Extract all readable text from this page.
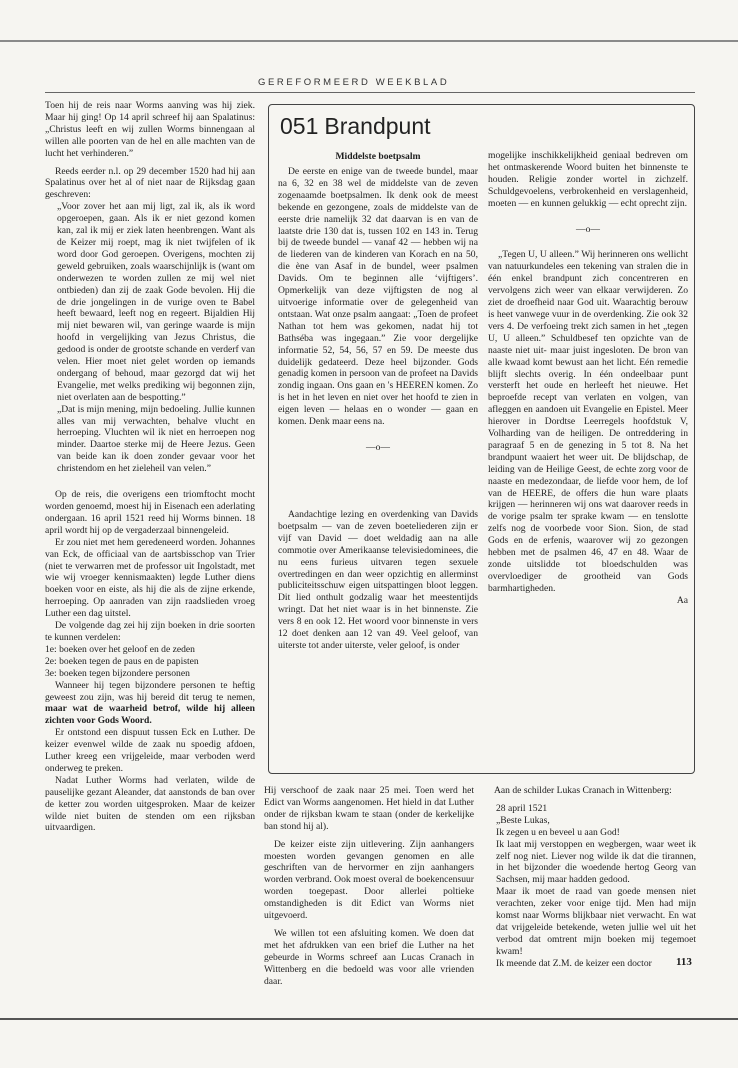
GEREFORMEERD WEEKBLAD

Toen hij de reis naar Worms aanving was hij ziek. Maar hij ging! Op 14 april schreef hij aan Spalatinus: „Christus leeft en wij zullen Worms binnengaan al willen alle poorten van de hel en alle machten van de lucht het verhinderen.”

Reeds eerder n.l. op 29 december 1520 had hij aan Spalatinus over het al of niet naar de Rijksdag gaan geschreven:

„Voor zover het aan mij ligt, zal ik, als ik word opgeroepen, gaan. Als ik er niet gezond komen kan, zal ik mij er ziek laten heenbrengen. Want als de Keizer mij roept, mag ik niet twijfelen of ik word door God geroepen. Overigens, mochten zij geweld gebruiken, zoals waarschijnlijk is (want om onderwezen te worden zullen ze mij wel niet ontbieden) dan zij de zaak Gode bevolen. Hij die de drie jongelingen in de vurige oven te Babel heeft bewaard, leeft nog en regeert. Bijaldien Hij mij niet bewaren wil, van geringe waarde is mijn hoofd in vergelijking van Jezus Christus, die gedood is onder de grootste schande en verderf van velen. Hier moet niet gelet worden op iemands ondergang of behoud, maar gezorgd dat wij het Evangelie, met welks prediking wij begonnen zijn, niet overlaten aan de bespotting.”

„Dat is mijn mening, mijn bedoeling. Jullie kunnen alles van mij verwachten, behalve vlucht en herroeping. Vluchten wil ik niet en herroepen nog minder. Daartoe sterke mij de Heere Jezus. Geen van beide kan ik doen zonder gevaar voor het christendom en het zieleheil van velen.”

Op de reis, die overigens een triomftocht mocht worden genoemd, moest hij in Eisenach een aderlating ondergaan. 16 april 1521 reed hij Worms binnen. 18 april wordt hij op de vergaderzaal binnengeleid.

Er zou niet met hem geredeneerd worden. Johannes van Eck, de officiaal van de aartsbisschop van Trier (niet te verwarren met de professor uit Ingolstadt, met wie wij vroeger kennismaakten) legde Luther diens boeken voor en eiste, als hij die als de zijne erkende, herroeping. Op aanraden van zijn raadslieden vroeg Luther een dag uitstel.

De volgende dag zei hij zijn boeken in drie soorten te kunnen verdelen:

1e: boeken over het geloof en de zeden
2e: boeken tegen de paus en de papisten
3e: boeken tegen bijzondere personen

Wanneer hij tegen bijzondere personen te heftig geweest zou zijn, was hij bereid dit terug te nemen, maar wat de waarheid betrof, wilde hij alleen zichten voor Gods Woord.

Er ontstond een dispuut tussen Eck en Luther. De keizer evenwel wilde de zaak nu spoedig afdoen, Luther kreeg een vrijgeleide, maar verboden werd onderweg te preken.

Nadat Luther Worms had verlaten, wilde de pauselijke gezant Aleander, dat aanstonds de ban over de ketter zou worden uitgesproken. Maar de keizer wilde niet buiten de stenden om een rijksban uitvaardigen.

051 Brandpunt
Middelste boetpsalm

De eerste en enige van de tweede bundel, maar na 6, 32 en 38 wel de middelste van de zeven zogenaamde boetpsalmen. Ik denk ook de meest bekende en gezongene, zoals de middelste van de eerste drie namelijk 32 dat daarvan is en van de laatste drie 130 dat is, tussen 102 en 143 in. Terug bij de tweede bundel — vanaf 42 — hebben wij na de liederen van de kinderen van Korach en na 50, die ène van Asaf in de bundel, weer psalmen Davids. Om te beginnen alle ‘vijftigers’. Opmerkelijk van deze vijftigsten de nog al uitvoerige informatie over de gelegenheid van ontstaan. Wat onze psalm aangaat: „Toen de profeet Nathan tot hem was gekomen, nadat hij tot Bathséba was ingegaan.” Zie voor dergelijke informatie 52, 54, 56, 57 en 59. De meeste dus duidelijk gedateerd. Deze heel bijzonder. Gods genadig komen in persoon van de profeet na Davids zondig ingaan. Ons gaan en 's HEEREN komen. Zo is het in het leven en niet over het hoofd te zien in eigen leven — helaas en o wonder — gaan en komen. Denk maar eens na.

—o—

Aandachtige lezing en overdenking van Davids boetpsalm — van de zeven boeteliederen zijn er vijf van David — doet weldadig aan na alle commotie over Amerikaanse televisiedominees, die nu eens furieus uitvaren tegen sexuele overtredingen en dan weer opzichtig en allerminst publiciteitsschuw eigen uitspattingen bloot leggen. Dit lied onthult godzalig waar het meestentijds wringt. Dat het niet waar is in het binnenste. Zie vers 8 en ook 12. Het woord voor binnenste in vers 12 doet denken aan 12 van 49. Veel geloof, van uiterste tot ander uiterste, veler geloof, is onder

mogelijke inschikkelijkheid geniaal bedreven om het ontmaskerende Woord buiten het binnenste te houden. Religie zonder wortel in zichzelf. Schuldgevoelens, verbrokenheid en verslagenheid, moeten — en kunnen gelukkig — echt oprecht zijn.

—o—

„Tegen U, U alleen.” Wij herinneren ons wellicht van natuurkundeles een tekening van stralen die in één enkel brandpunt zich concentreren en vervolgens zich weer van elkaar verwijderen. Zo ziet de droefheid naar God uit. Waarachtig berouw is heet vanwege vuur in de overdenking. Zie ook 32 vers 4. De verfoeing trekt zich samen in het „tegen U, U alleen.” Schuldbesef ten opzichte van de naaste niet uit- maar juist ingesloten. De bron van alle kwaad komt bewust aan het licht. Eén remedie blijft slechts overig. In één ondeelbaar punt versterft het oude en herleeft het nieuwe. Het beproefde recept van verlaten en volgen, van afleggen en aandoen uit Evangelie en Epistel. Meer hierover in Dordtse Leerregels hoofdstuk V, Volharding van de heiligen. De ontreddering in paragraaf 5 en de genezing in 5 tot 8. Na het brandpunt waaiert het weer uit. De blijdschap, de leiding van de Heilige Geest, de echte zorg voor de naaste en medezondaar, de liefde voor hem, de lof van de HEERE, de offers die hun ware plaats krijgen — herinneren wij ons wat daarover reeds in de vorige psalm ter sprake kwam — en tenslotte zelfs nog de voorbede voor Sion. Sion, de stad Gods en de erfenis, waarover wij zo gezongen hebben met de psalmen 46, 47 en 48. Waar de zonde uitslidde tot bloedschulden was overvloediger de grootheid van Gods barmhartigheden.

Aa

Hij verschoof de zaak naar 25 mei. Toen werd het Edict van Worms aangenomen. Het hield in dat Luther onder de rijksban kwam te staan (onder de kerkelijke ban stond hij al).

De keizer eiste zijn uitlevering. Zijn aanhangers moesten worden gevangen genomen en alle geschriften van de hervormer en zijn aanhangers worden verbrand. Ook moest overal de boekencensuur worden toegepast. Door allerlei poltieke omstandigheden is dit Edict van Worms niet uitgevoerd.

We willen tot een afsluiting komen. We doen dat met het afdrukken van een brief die Luther na het gebeurde in Worms schreef aan Lucas Cranach in Wittenberg en die bedoeld was voor alle vrienden daar.

Aan de schilder Lukas Cranach in Wittenberg:

28 april 1521

„Beste Lukas,

Ik zegen u en beveel u aan God!

Ik laat mij verstoppen en wegbergen, waar weet ik zelf nog niet. Liever nog wilde ik dat die tirannen, in het bijzonder die woedende hertog Georg van Sachsen, mij maar hadden gedood.

Maar ik moet de raad van goede mensen niet verachten, zeker voor enige tijd. Men had mijn komst naar Worms blijkbaar niet verwacht. En wat dat vrijgeleide betekende, weten jullie wel uit het verbod dat omtrent mijn boeken mij tegemoet kwam!

Ik meende dat Z.M. de keizer een doctor	113
